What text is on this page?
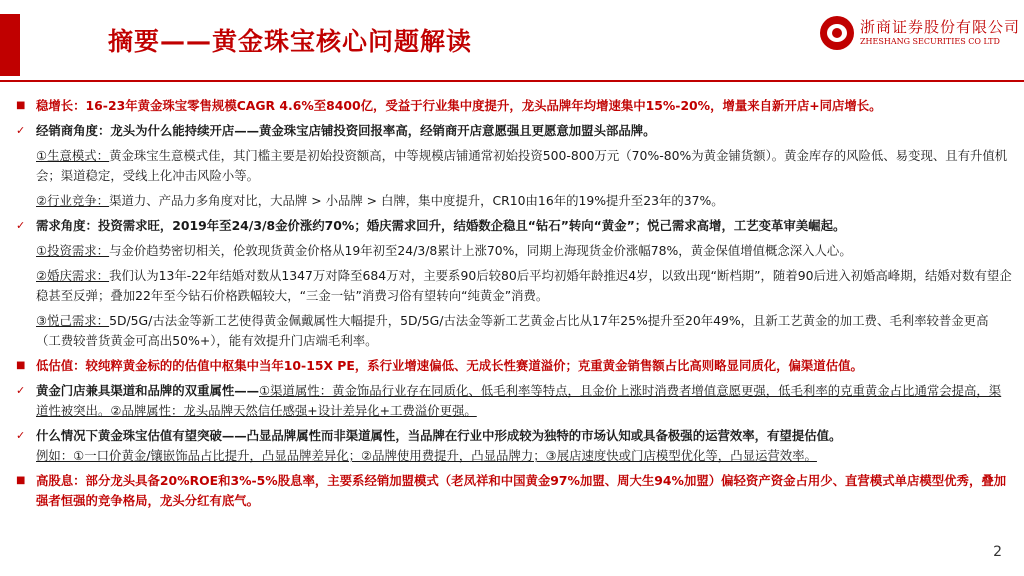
摘要——黄金珠宝核心问题解读	浙商证券股份有限公司
ZHESHANG SECURITIES CO LTD
■ 稳增长：16-23年黄金珠宝零售规模CAGR 4.6%至8400亿，受益于行业集中度提升，龙头品牌年均增速集中15%-20%，增量来自新开店+同店增长。
✓ 经销商角度：龙头为什么能持续开店——黄金珠宝店铺投资回报率高，经销商开店意愿强且更愿意加盟头部品牌。
①生意模式：黄金珠宝生意模式佳，其门槛主要是初始投资额高，中等规模店铺通常初始投资500-800万元（70%-80%为黄金铺货额）。黄金库存的风险低、易变现、且有升值机会；渠道稳定，受线上化冲击风险小等。
②行业竞争：渠道力、产品力多角度对比，大品牌 > 小品牌 > 白牌，集中度提升，CR10由16年的19%提升至23年的37%。
✓ 需求角度：投资需求旺，2019年至24/3/8金价涨约70%；婚庆需求回升，结婚数企稳且“钻石”转向“黄金”；悦己需求高增，工艺变革审美崛起。
①投资需求：与金价趋势密切相关，伦敦现货黄金价格从19年初至24/3/8累计上涨70%，同期上海现货金价涨幅78%，黄金保值增值概念深入人心。
②婚庆需求：我们认为13年-22年结婚对数从1347万对降至684万对，主要系90后较80后平均初婚年龄推迟4岁，以致出现“断档期”，随着90后进入初婚高峰期，结婚对数有望企稳甚至反弹；叠加22年至今钻石价格跌幅较大，“三金一钻”消费习俗有望转向“纯黄金”消费。
③悦己需求：5D/5G/古法金等新工艺使得黄金佩戴属性大幅提升，5D/5G/古法金等新工艺黄金占比从17年25%提升至20年49%，且新工艺黄金的加工费、毛利率较普金更高（工费较普货黄金可高出50%+），能有效提升门店端毛利率。
■ 低估值：较纯粹黄金标的的估值中枢集中当年10-15X PE，系行业增速偏低、无成长性赛道溢价；克重黄金销售额占比高则略显同质化，偏渠道估值。
✓ 黄金门店兼具渠道和品牌的双重属性——①渠道属性：黄金饰品行业存在同质化、低毛利率等特点，且金价上涨时消费者增值意愿更强，低毛利率的克重黄金占比通常会提高，渠道性被突出。②品牌属性：龙头品牌天然信任感强+设计差异化+工费溢价更强。
✓ 什么情况下黄金珠宝估值有望突破——凸显品牌属性而非渠道属性，当品牌在行业中形成较为独特的市场认知或具备极强的运营效率，有望提估值。
例如：①一口价黄金/镶嵌饰品占比提升，凸显品牌差异化；②品牌使用费提升，凸显品牌力；③展店速度快或门店模型优化等，凸显运营效率。
■ 高股息：部分龙头具备20%ROE和3%-5%股息率，主要系经销加盟模式（老凤祥和中国黄金97%加盟、周大生94%加盟）偏轻资产资金占用少、直营模式单店模型优秀，叠加强者恒强的竞争格局，龙头分红有底气。
2
